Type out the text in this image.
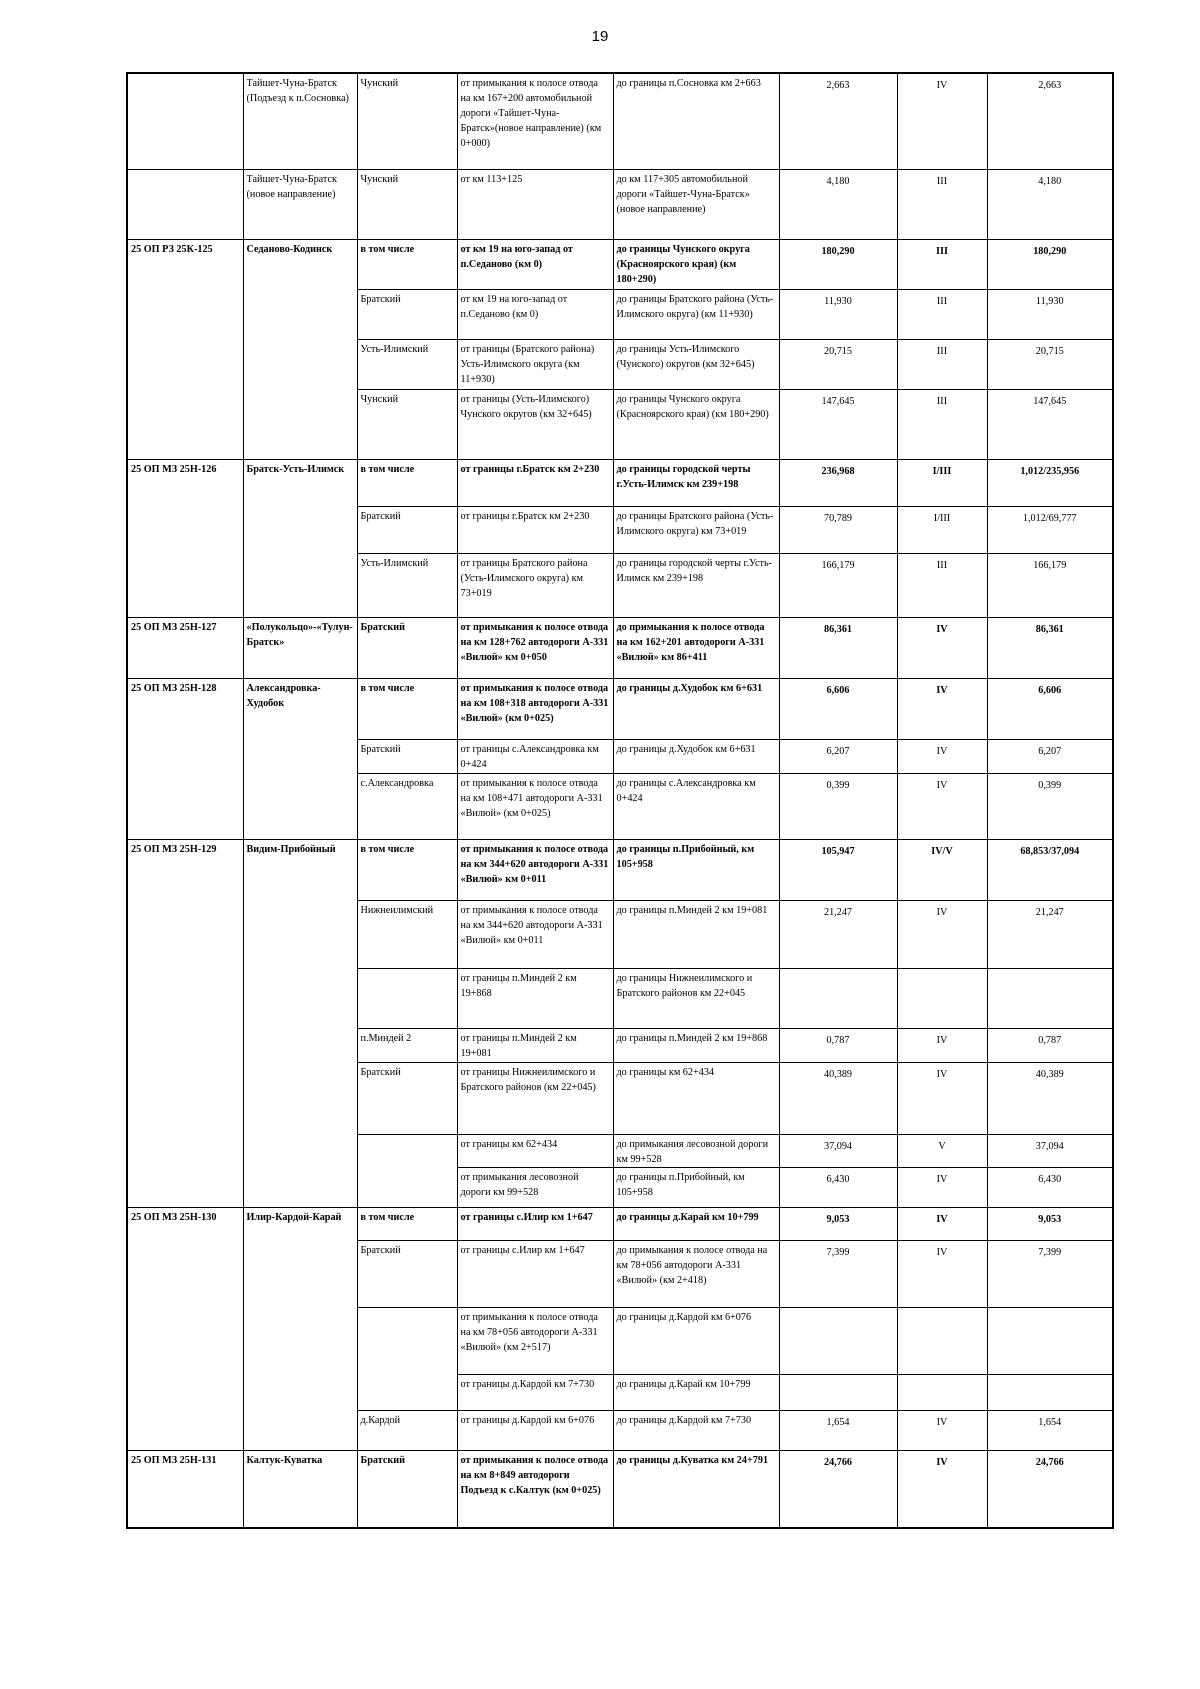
19
	Тайшет-Чуна-Братск (Подъезд к п.Сосновка)	Чунский	от примыкания к полосе отвода на км 167+200 автомобильной дороги «Тайшет-Чуна-Братск»(новое направление) (км 0+000)	до границы п.Сосновка км 2+663	2,663	IV	2,663
	Тайшет-Чуна-Братск (новое направление)	Чунский	от км 113+125	до км 117+305 автомобильной дороги «Тайшет-Чуна-Братск» (новое направление)	4,180	III	4,180
25 ОП РЗ 25К-125	Седаново-Кодинск	в том числе	от км 19 на юго-запад от п.Седаново (км 0)	до границы Чунского округа (Красноярского края) (км 180+290)	180,290	III	180,290
		Братский	от км 19 на юго-запад от п.Седаново (км 0)	до границы Братского района (Усть-Илимского округа) (км 11+930)	11,930	III	11,930
		Усть-Илимский	от границы (Братского района) Усть-Илимского округа (км 11+930)	до границы Усть-Илимского (Чунского) округов (км 32+645)	20,715	III	20,715
		Чунский	от границы (Усть-Илимского) Чунского округов (км 32+645)	до границы Чунского округа (Красноярского края) (км 180+290)	147,645	III	147,645
25 ОП МЗ 25Н-126	Братск-Усть-Илимск	в том числе	от границы г.Братск км 2+230	до границы городской черты г.Усть-Илимск км 239+198	236,968	I/III	1,012/235,956
		Братский	от границы г.Братск км 2+230	до границы Братского района (Усть-Илимского округа) км 73+019	70,789	I/III	1,012/69,777
		Усть-Илимский	от границы Братского района (Усть-Илимского округа) км 73+019	до границы городской черты г.Усть-Илимск км 239+198	166,179	III	166,179
25 ОП МЗ 25Н-127	«Полукольцо»-«Тулун-Братск»	Братский	от примыкания к полосе отвода на км 128+762 автодороги А-331 «Вилюй» км 0+050	до примыкания к полосе отвода на км 162+201 автодороги А-331 «Вилюй» км 86+411	86,361	IV	86,361
25 ОП МЗ 25Н-128	Александровка-Худобок	в том числе	от примыкания к полосе отвода на км 108+318 автодороги А-331 «Вилюй» (км 0+025)	до границы д.Худобок км 6+631	6,606	IV	6,606
		Братский	от границы с.Александровка км 0+424	до границы д.Худобок км 6+631	6,207	IV	6,207
		с.Александровка	от примыкания к полосе отвода на км 108+471 автодороги А-331 «Вилюй» (км 0+025)	до границы с.Александровка км 0+424	0,399	IV	0,399
25 ОП МЗ 25Н-129	Видим-Прибойный	в том числе	от примыкания к полосе отвода на км 344+620 автодороги А-331 «Вилюй» км 0+011	до границы п.Прибойный, км 105+958	105,947	IV/V	68,853/37,094
		Нижнеилимский	от примыкания к полосе отвода на км 344+620 автодороги А-331 «Вилюй» км 0+011	до границы п.Миндей 2 км 19+081	21,247	IV	21,247
			от границы п.Миндей 2 км 19+868	до границы Нижнеилимского и Братского районов км 22+045			
		п.Миндей 2	от границы п.Миндей 2 км 19+081	до границы п.Миндей 2 км 19+868	0,787	IV	0,787
		Братский	от границы Нижнеилимского и Братского районов (км 22+045)	до границы км 62+434	40,389	IV	40,389
			от границы км 62+434	до примыкания лесовозной дороги км 99+528	37,094	V	37,094
			от примыкания лесовозной дороги км 99+528	до границы п.Прибойный, км 105+958	6,430	IV	6,430
25 ОП МЗ 25Н-130	Илир-Кардой-Карай	в том числе	от границы с.Илир км 1+647	до границы д.Карай км 10+799	9,053	IV	9,053
		Братский	от границы с.Илир км 1+647	до примыкания к полосе отвода на км 78+056 автодороги А-331 «Вилюй» (км 2+418)	7,399	IV	7,399
			от примыкания к полосе отвода на км 78+056 автодороги А-331 «Вилюй» (км 2+517)	до границы д.Кардой км 6+076			
			от границы д.Кардой км 7+730	до границы д.Карай км 10+799			
		д.Кардой	от границы д.Кардой км 6+076	до границы д.Кардой км 7+730	1,654	IV	1,654
25 ОП МЗ 25Н-131	Калтук-Куватка	Братский	от примыкания к полосе отвода на км 8+849 автодороги Подъезд к с.Калтук (км 0+025)	до границы д.Куватка км 24+791	24,766	IV	24,766
